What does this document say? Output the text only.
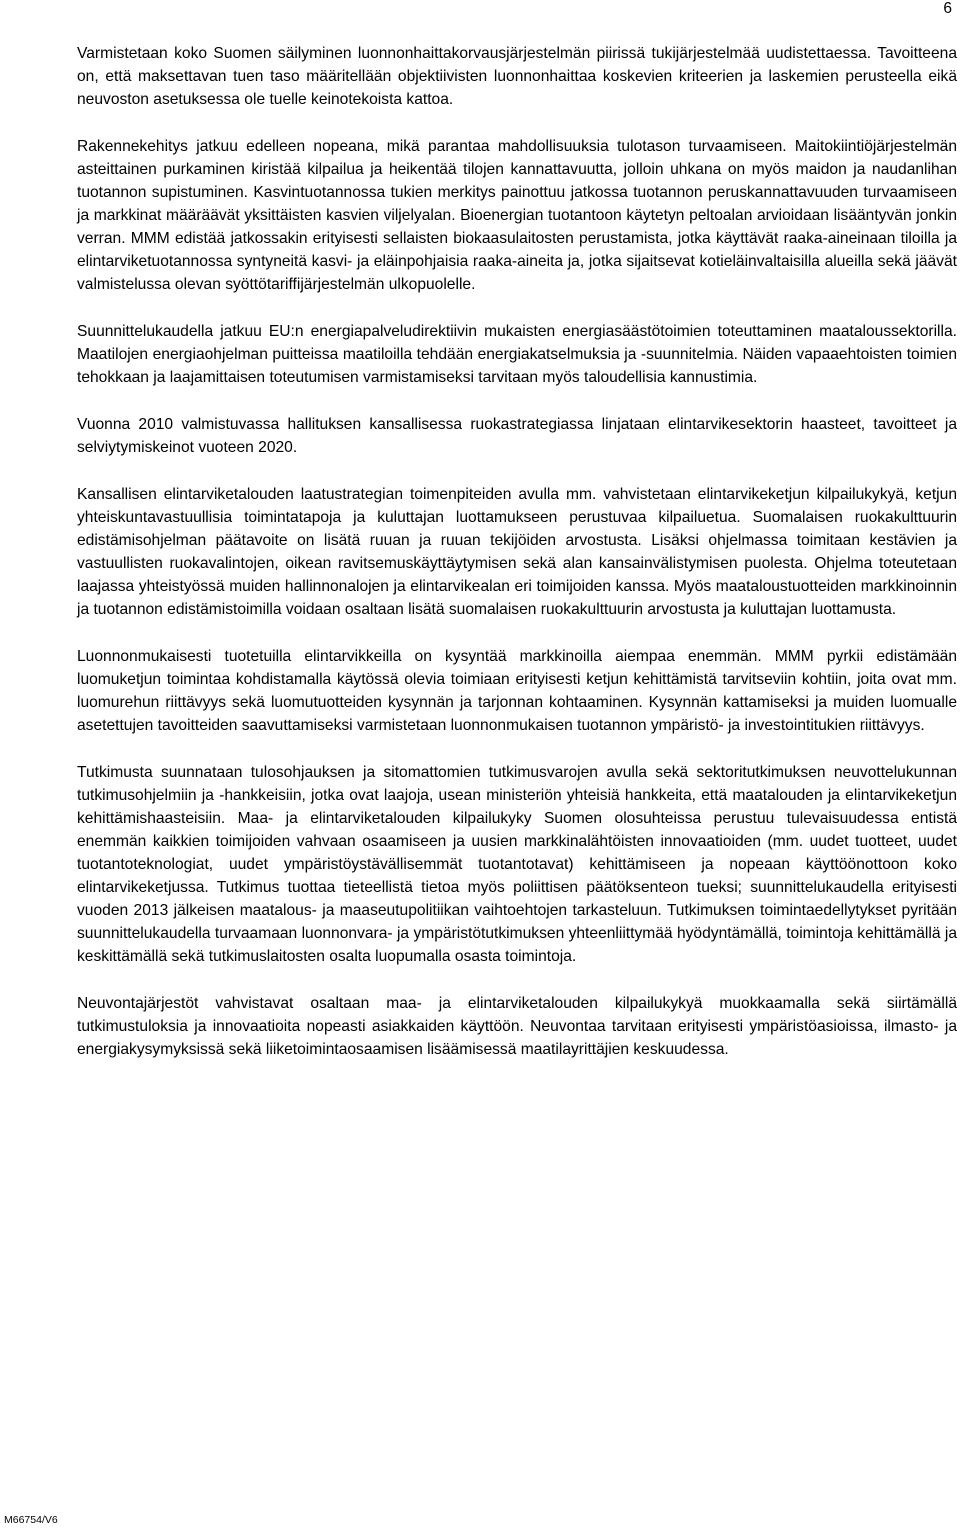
6

Varmistetaan koko Suomen säilyminen luonnonhaittakorvausjärjestelmän piirissä tukijärjestelmää uudistettaessa. Tavoitteena on, että maksettavan tuen taso määritellään objektiivisten luonnonhaittaa koskevien kriteerien ja laskemien perusteella eikä neuvoston asetuksessa ole tuelle keinotekoista kattoa.

Rakennekehitys jatkuu edelleen nopeana, mikä parantaa mahdollisuuksia tulotason turvaamiseen. Maitokiintiöjärjestelmän asteittainen purkaminen kiristää kilpailua ja heikentää tilojen kannattavuutta, jolloin uhkana on myös maidon ja naudanlihan tuotannon supistuminen. Kasvintuotannossa tukien merkitys painottuu jatkossa tuotannon peruskannattavuuden turvaamiseen ja markkinat määräävät yksittäisten kasvien viljelyalan. Bioenergian tuotantoon käytetyn peltoalan arvioidaan lisääntyvän jonkin verran. MMM edistää jatkossakin erityisesti sellaisten biokaasulaitosten perustamista, jotka käyttävät raaka-aineinaan tiloilla ja elintarviketuotannossa syntyneitä kasvi- ja eläinpohjaisia raaka-aineita ja, jotka sijaitsevat kotieläinvaltaisilla alueilla sekä jäävät valmistelussa olevan syöttötariffijärjestelmän ulkopuolelle.

Suunnittelukaudella jatkuu EU:n energiapalveludirektiivin mukaisten energiasäästötoimien toteuttaminen maataloussektorilla. Maatilojen energiaohjelman puitteissa maatiloilla tehdään energiakatselmuksia ja -suunnitelmia. Näiden vapaaehtoisten toimien tehokkaan ja laajamittaisen toteutumisen varmistamiseksi tarvitaan myös taloudellisia kannustimia.

Vuonna 2010 valmistuvassa hallituksen kansallisessa ruokastrategiassa linjataan elintarvikesektorin haasteet, tavoitteet ja selviytymiskeinot vuoteen 2020.

Kansallisen elintarviketalouden laatustrategian toimenpiteiden avulla mm. vahvistetaan elintarvikeketjun kilpailukykyä, ketjun yhteiskuntavastuullisia toimintatapoja ja kuluttajan luottamukseen perustuvaa kilpailuetua. Suomalaisen ruokakulttuurin edistämisohjelman päätavoite on lisätä ruuan ja ruuan tekijöiden arvostusta. Lisäksi ohjelmassa toimitaan kestävien ja vastuullisten ruokavalintojen, oikean ravitsemuskäyttäytymisen sekä alan kansainvälistymisen puolesta. Ohjelma toteutetaan laajassa yhteistyössä muiden hallinnonalojen ja elintarvikealan eri toimijoiden kanssa. Myös maataloustuotteiden markkinoinnin ja tuotannon edistämistoimilla voidaan osaltaan lisätä suomalaisen ruokakulttuurin arvostusta ja kuluttajan luottamusta.

Luonnonmukaisesti tuotetuilla elintarvikkeilla on kysyntää markkinoilla aiempaa enemmän. MMM pyrkii edistämään luomuketjun toimintaa kohdistamalla käytössä olevia toimiaan erityisesti ketjun kehittämistä tarvitseviin kohtiin, joita ovat mm. luomurehun riittävyys sekä luomutuotteiden kysynnän ja tarjonnan kohtaaminen. Kysynnän kattamiseksi ja muiden luomualle asetettujen tavoitteiden saavuttamiseksi varmistetaan luonnonmukaisen tuotannon ympäristö- ja investointitukien riittävyys.

Tutkimusta suunnataan tulosohjauksen ja sitomattomien tutkimusvarojen avulla sekä sektoritutkimuksen neuvottelukunnan tutkimusohjelmiin ja -hankkeisiin, jotka ovat laajoja, usean ministeriön yhteisiä hankkeita, että maatalouden ja elintarvikeketjun kehittämishaasteisiin. Maa- ja elintarviketalouden kilpailukyky Suomen olosuhteissa perustuu tulevaisuudessa entistä enemmän kaikkien toimijoiden vahvaan osaamiseen ja uusien markkinalähtöisten innovaatioiden (mm. uudet tuotteet, uudet tuotantoteknologiat, uudet ympäristöystävällisemmät tuotantotavat) kehittämiseen ja nopeaan käyttöönottoon koko elintarvikeketjussa. Tutkimus tuottaa tieteellistä tietoa myös poliittisen päätöksenteon tueksi; suunnittelukaudella erityisesti vuoden 2013 jälkeisen maatalous- ja maaseutupolitiikan vaihtoehtojen tarkasteluun. Tutkimuksen toimintaedellytykset pyritään suunnittelukaudella turvaamaan luonnonvara- ja ympäristötutkimuksen yhteenliittymää hyödyntämällä, toimintoja kehittämällä ja keskittämällä sekä tutkimuslaitosten osalta luopumalla osasta toimintoja.

Neuvontajärjestöt vahvistavat osaltaan maa- ja elintarviketalouden kilpailukykyä muokkaamalla sekä siirtämällä tutkimustuloksia ja innovaatioita nopeasti asiakkaiden käyttöön. Neuvontaa tarvitaan erityisesti ympäristöasioissa, ilmasto- ja energiakysymyksissä sekä liiketoimintaosaamisen lisäämisessä maatilayrittäjien keskuudessa.

M66754/V6
